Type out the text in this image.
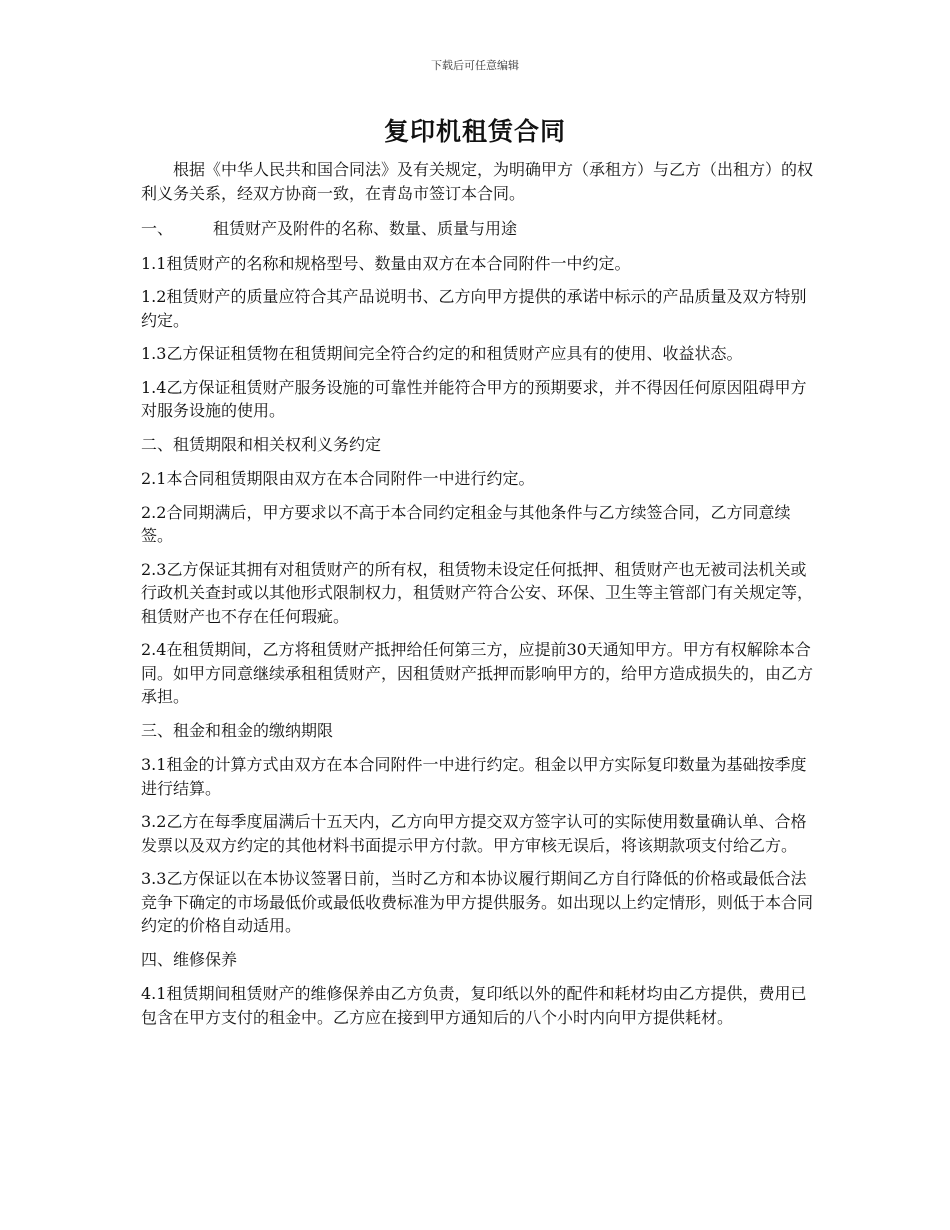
下载后可任意编辑
复印机租赁合同

根据《中华人民共和国合同法》及有关规定，为明确甲方（承租方）与乙方（出租方）的权利义务关系，经双方协商一致，在青岛市签订本合同。

一、	租赁财产及附件的名称、数量、质量与用途

1.1租赁财产的名称和规格型号、数量由双方在本合同附件一中约定。

1.2租赁财产的质量应符合其产品说明书、乙方向甲方提供的承诺中标示的产品质量及双方特别约定。

1.3乙方保证租赁物在租赁期间完全符合约定的和租赁财产应具有的使用、收益状态。

1.4乙方保证租赁财产服务设施的可靠性并能符合甲方的预期要求，并不得因任何原因阻碍甲方对服务设施的使用。

二、租赁期限和相关权利义务约定

2.1本合同租赁期限由双方在本合同附件一中进行约定。

2.2合同期满后，甲方要求以不高于本合同约定租金与其他条件与乙方续签合同，乙方同意续签。

2.3乙方保证其拥有对租赁财产的所有权，租赁物未设定任何抵押、租赁财产也无被司法机关或行政机关查封或以其他形式限制权力，租赁财产符合公安、环保、卫生等主管部门有关规定等，租赁财产也不存在任何瑕疵。

2.4在租赁期间，乙方将租赁财产抵押给任何第三方，应提前30天通知甲方。甲方有权解除本合同。如甲方同意继续承租租赁财产，因租赁财产抵押而影响甲方的，给甲方造成损失的，由乙方承担。

三、租金和租金的缴纳期限

3.1租金的计算方式由双方在本合同附件一中进行约定。租金以甲方实际复印数量为基础按季度进行结算。

3.2乙方在每季度届满后十五天内，乙方向甲方提交双方签字认可的实际使用数量确认单、合格发票以及双方约定的其他材料书面提示甲方付款。甲方审核无误后，将该期款项支付给乙方。

3.3乙方保证以在本协议签署日前，当时乙方和本协议履行期间乙方自行降低的价格或最低合法竞争下确定的市场最低价或最低收费标准为甲方提供服务。如出现以上约定情形，则低于本合同约定的价格自动适用。

四、维修保养

4.1租赁期间租赁财产的维修保养由乙方负责，复印纸以外的配件和耗材均由乙方提供，费用已包含在甲方支付的租金中。乙方应在接到甲方通知后的八个小时内向甲方提供耗材。
